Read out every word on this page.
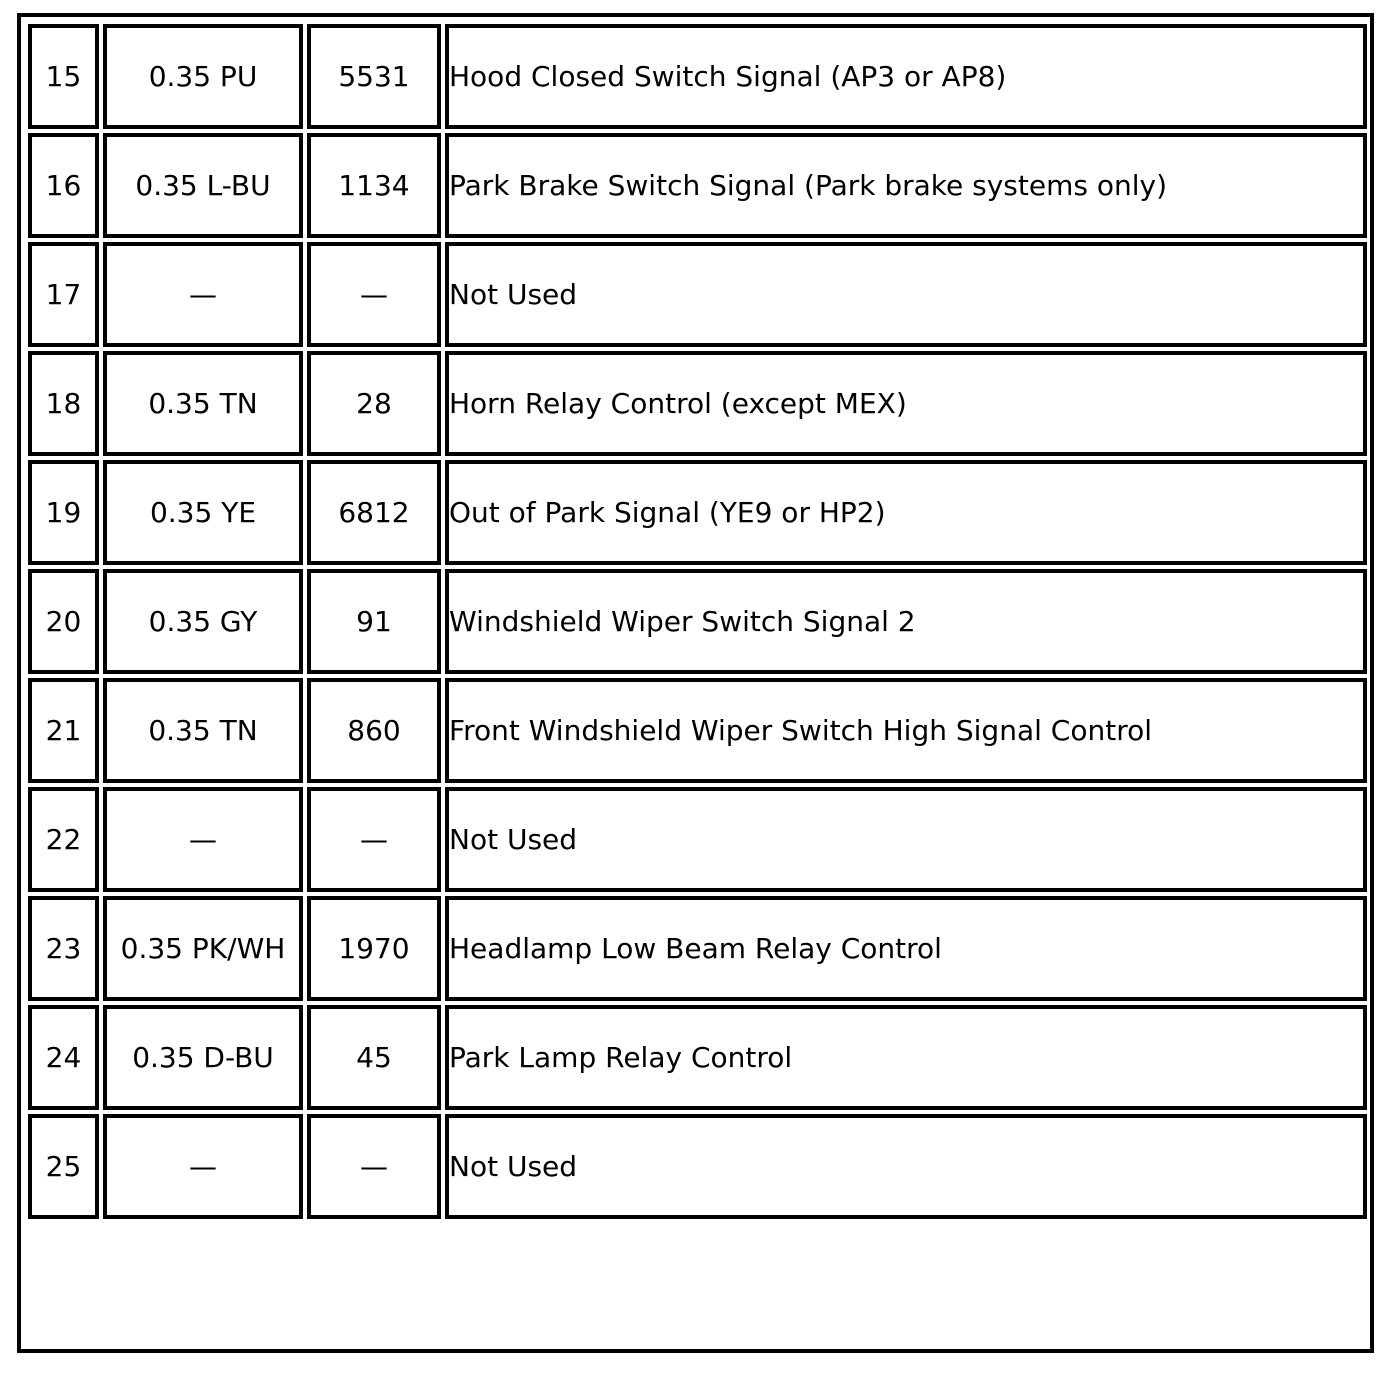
15	0.35 PU	5531	Hood Closed Switch Signal (AP3 or AP8)
16	0.35 L-BU	1134	Park Brake Switch Signal (Park brake systems only)
17	—	—	Not Used
18	0.35 TN	28	Horn Relay Control (except MEX)
19	0.35 YE	6812	Out of Park Signal (YE9 or HP2)
20	0.35 GY	91	Windshield Wiper Switch Signal 2
21	0.35 TN	860	Front Windshield Wiper Switch High Signal Control
22	—	—	Not Used
23	0.35 PK/WH	1970	Headlamp Low Beam Relay Control
24	0.35 D-BU	45	Park Lamp Relay Control
25	—	—	Not Used
